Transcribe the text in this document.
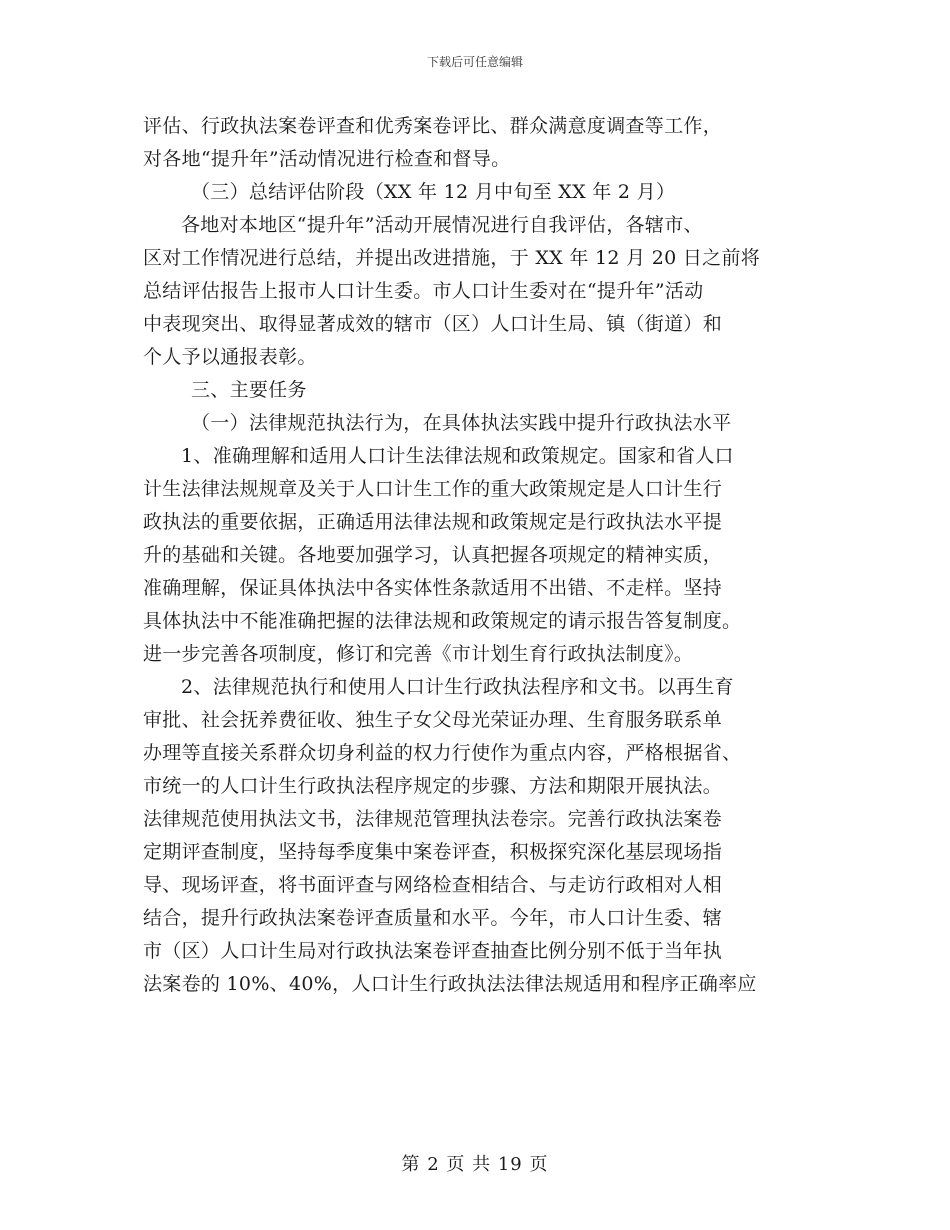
下载后可任意编辑

评估、行政执法案卷评查和优秀案卷评比、群众满意度调查等工作，

对各地“提升年”活动情况进行检查和督导。

（三）总结评估阶段（XX 年 12 月中旬至 XX 年 2 月）

各地对本地区“提升年”活动开展情况进行自我评估，各辖市、

区对工作情况进行总结，并提出改进措施，于 XX 年 12 月 20 日之前将

总结评估报告上报市人口计生委。市人口计生委对在“提升年”活动

中表现突出、取得显著成效的辖市（区）人口计生局、镇（街道）和

个人予以通报表彰。

三、主要任务

（一）法律规范执法行为，在具体执法实践中提升行政执法水平

1、准确理解和适用人口计生法律法规和政策规定。国家和省人口

计生法律法规规章及关于人口计生工作的重大政策规定是人口计生行

政执法的重要依据，正确适用法律法规和政策规定是行政执法水平提

升的基础和关键。各地要加强学习，认真把握各项规定的精神实质，

准确理解，保证具体执法中各实体性条款适用不出错、不走样。坚持

具体执法中不能准确把握的法律法规和政策规定的请示报告答复制度。

进一步完善各项制度，修订和完善《市计划生育行政执法制度》。

2、法律规范执行和使用人口计生行政执法程序和文书。以再生育

审批、社会抚养费征收、独生子女父母光荣证办理、生育服务联系单

办理等直接关系群众切身利益的权力行使作为重点内容，严格根据省、

市统一的人口计生行政执法程序规定的步骤、方法和期限开展执法。

法律规范使用执法文书，法律规范管理执法卷宗。完善行政执法案卷

定期评查制度，坚持每季度集中案卷评查，积极探究深化基层现场指

导、现场评查，将书面评查与网络检查相结合、与走访行政相对人相

结合，提升行政执法案卷评查质量和水平。今年，市人口计生委、辖

市（区）人口计生局对行政执法案卷评查抽查比例分别不低于当年执

法案卷的 10%、40%，人口计生行政执法法律法规适用和程序正确率应

第 2 页 共 19 页
